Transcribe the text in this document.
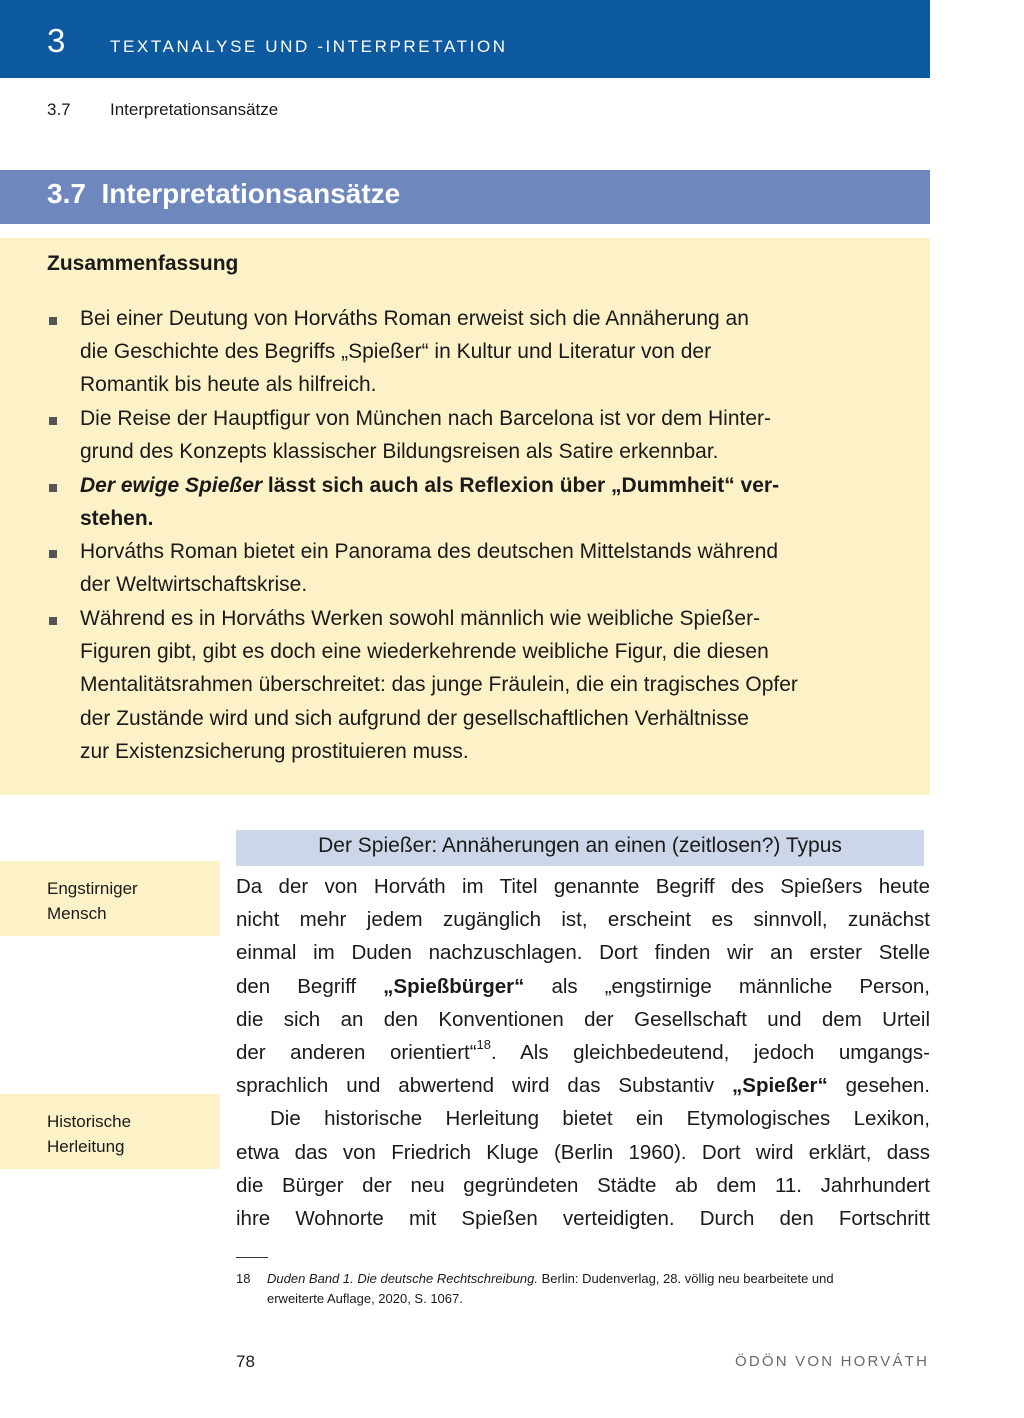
3	TEXTANALYSE UND -INTERPRETATION
3.7 Interpretationsansätze
3.7 Interpretationsansätze
Zusammenfassung
Bei einer Deutung von Horváths Roman erweist sich die Annäherung an
die Geschichte des Begriffs „Spießer“ in Kultur und Literatur von der
Romantik bis heute als hilfreich.
Die Reise der Hauptfigur von München nach Barcelona ist vor dem Hinter-
grund des Konzepts klassischer Bildungsreisen als Satire erkennbar.
Der ewige Spießer lässt sich auch als Reflexion über „Dummheit“ ver-
stehen.
Horváths Roman bietet ein Panorama des deutschen Mittelstands während
der Weltwirtschaftskrise.
Während es in Horváths Werken sowohl männlich wie weibliche Spießer-
Figuren gibt, gibt es doch eine wiederkehrende weibliche Figur, die diesen
Mentalitätsrahmen überschreitet: das junge Fräulein, die ein tragisches Opfer
der Zustände wird und sich aufgrund der gesellschaftlichen Verhältnisse
zur Existenzsicherung prostituieren muss.
Engstirniger
Mensch
Historische
Herleitung
Der Spießer: Annäherungen an einen (zeitlosen?) Typus
Da der von Horváth im Titel genannte Begriff des Spießers heute
nicht mehr jedem zugänglich ist, erscheint es sinnvoll, zunächst
einmal im Duden nachzuschlagen. Dort finden wir an erster Stelle
den Begriff „Spießbürger“ als „engstirnige männliche Person,
die sich an den Konventionen der Gesellschaft und dem Urteil
der anderen orientiert“$^{18}$. Als gleichbedeutend, jedoch umgangs-
sprachlich und abwertend wird das Substantiv „Spießer“ gesehen.
Die historische Herleitung bietet ein Etymologisches Lexikon,
etwa das von Friedrich Kluge (Berlin 1960). Dort wird erklärt, dass
die Bürger der neu gegründeten Städte ab dem 11. Jahrhundert
ihre Wohnorte mit Spießen verteidigten. Durch den Fortschritt
18 Duden Band 1. Die deutsche Rechtschreibung. Berlin: Dudenverlag, 28. völlig neu bearbeitete und
erweiterte Auflage, 2020, S. 1067.
78	ÖDÖN VON HORVÁTH
